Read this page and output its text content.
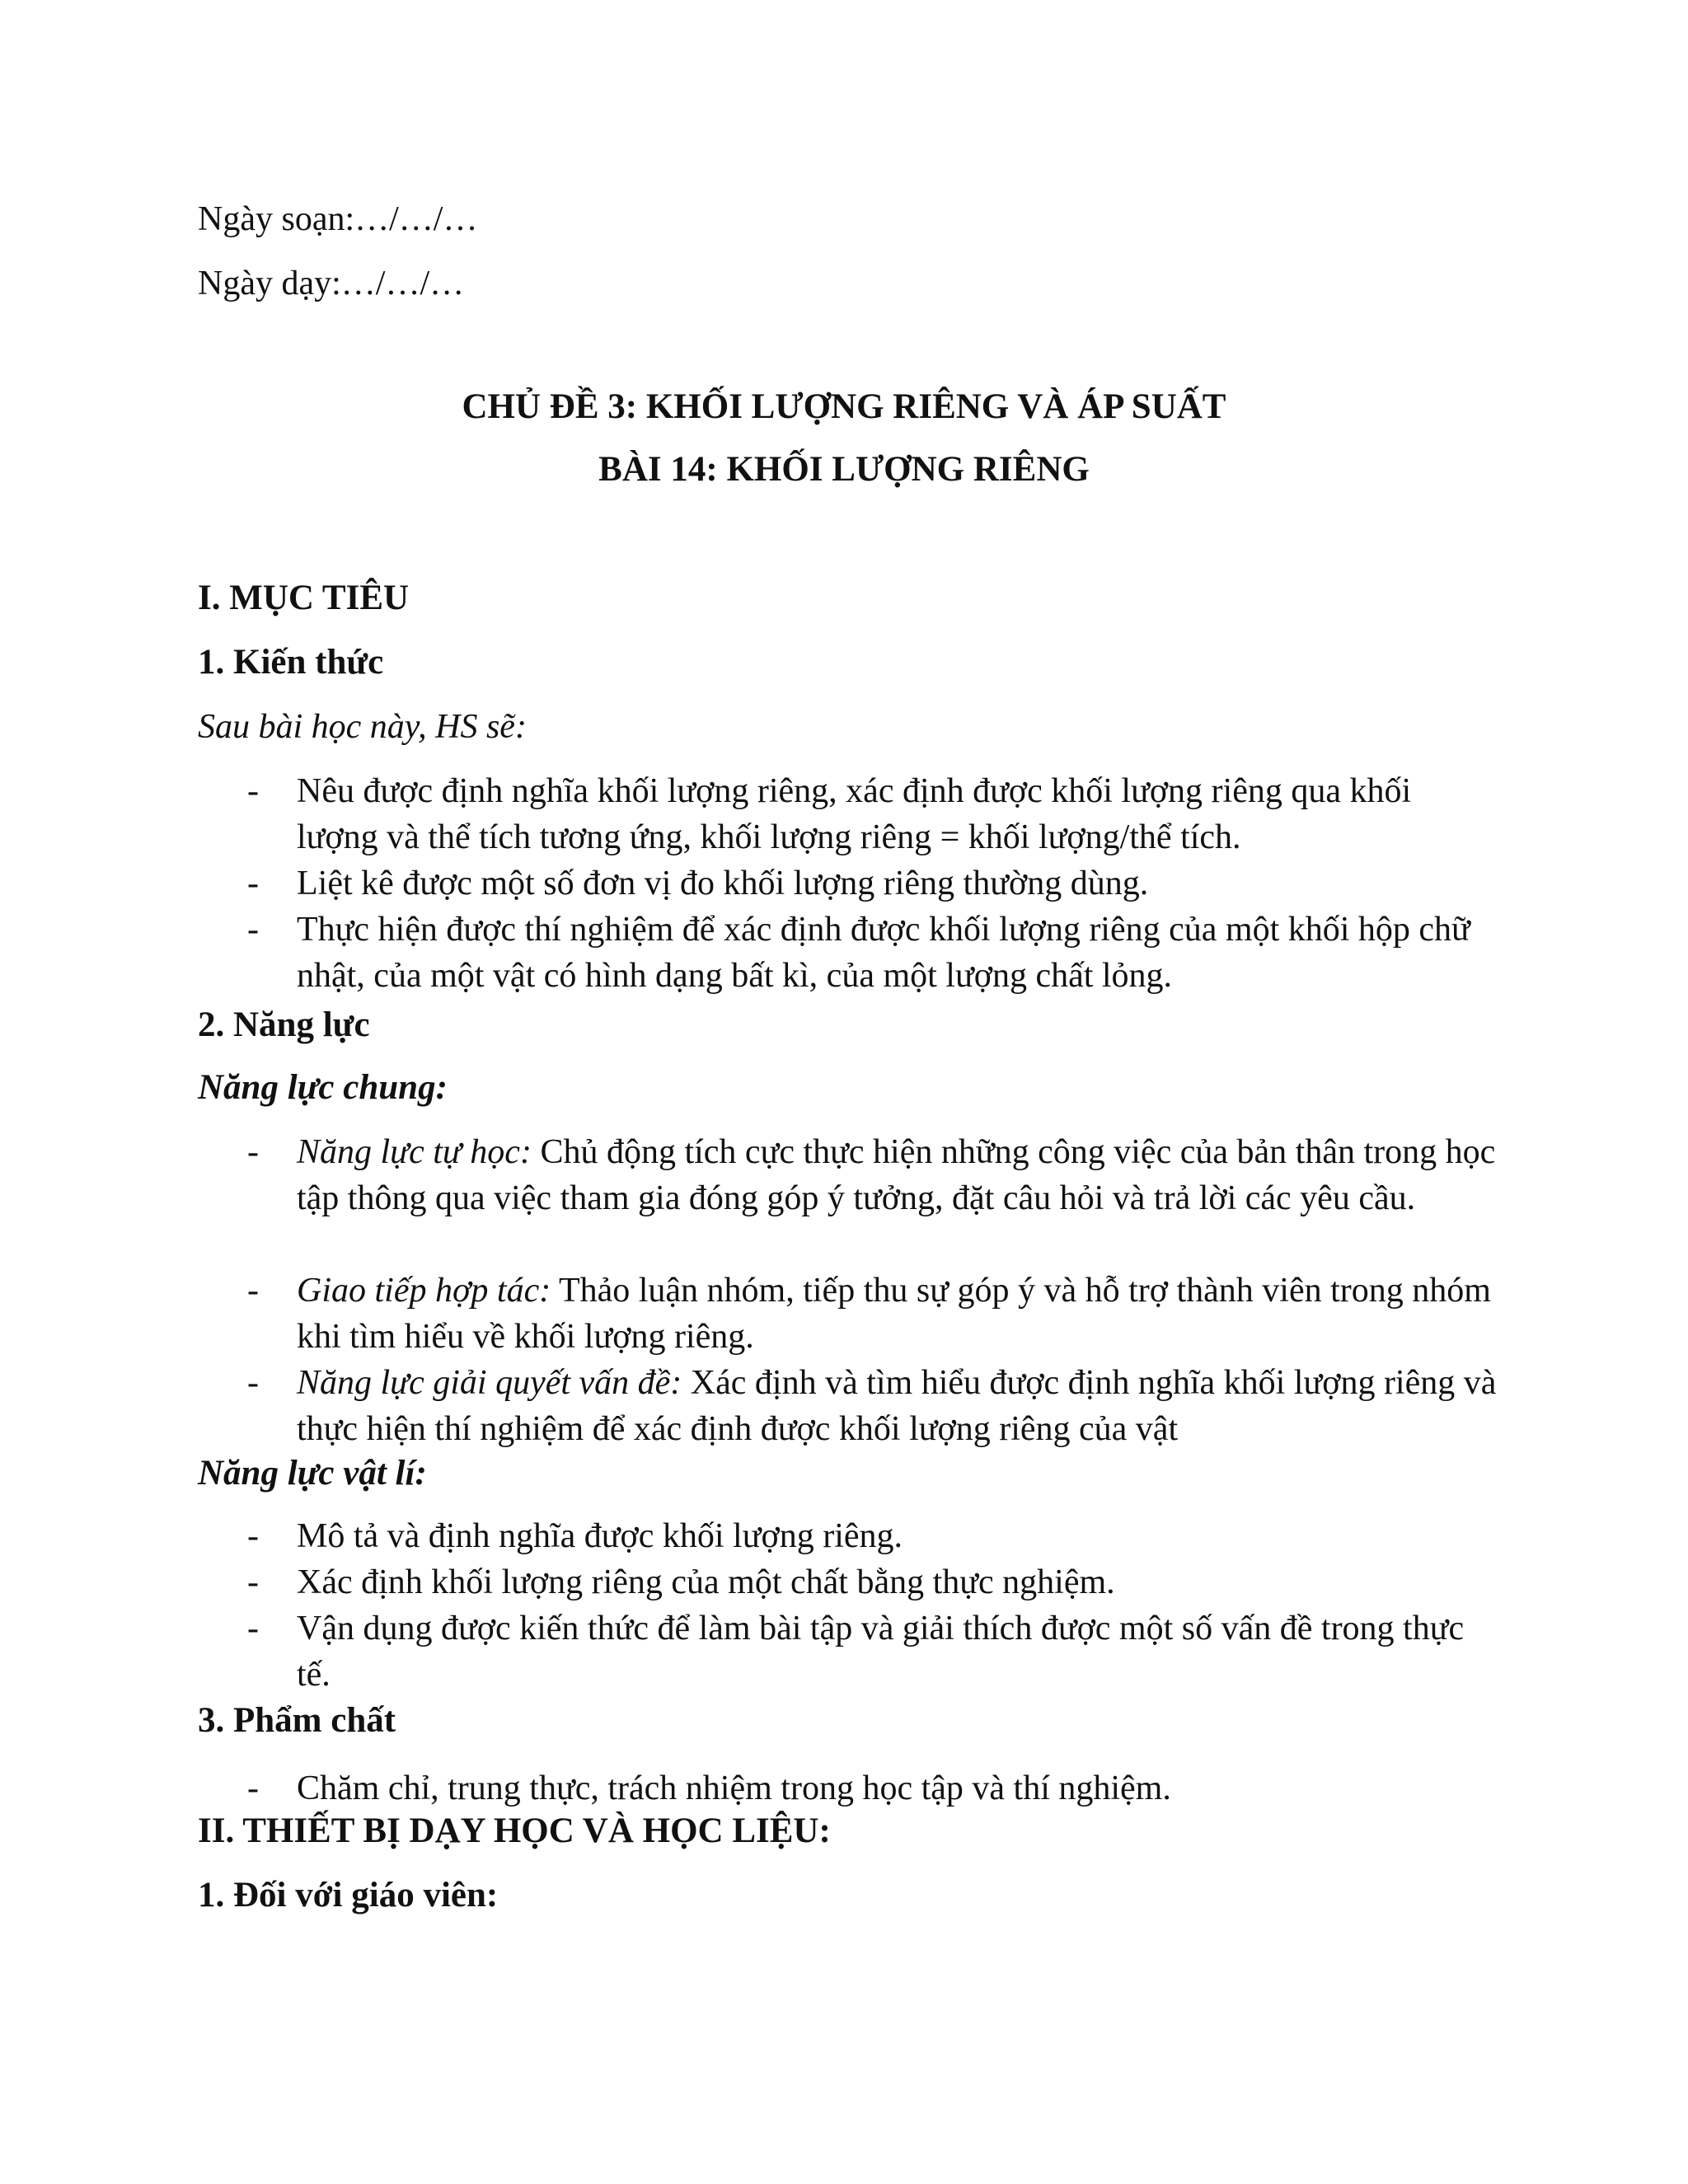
Ngày soạn:…/…/…

Ngày dạy:…/…/…

CHỦ ĐỀ 3: KHỐI LƯỢNG RIÊNG VÀ ÁP SUẤT

BÀI 14: KHỐI LƯỢNG RIÊNG

I. MỤC TIÊU

1. Kiến thức

Sau bài học này, HS sẽ:

- Nêu được định nghĩa khối lượng riêng, xác định được khối lượng riêng qua khối lượng và thể tích tương ứng, khối lượng riêng = khối lượng/thể tích.

- Liệt kê được một số đơn vị đo khối lượng riêng thường dùng.

- Thực hiện được thí nghiệm để xác định được khối lượng riêng của một khối hộp chữ nhật, của một vật có hình dạng bất kì, của một lượng chất lỏng.

2. Năng lực

Năng lực chung:

- Năng lực tự học: Chủ động tích cực thực hiện những công việc của bản thân trong học tập thông qua việc tham gia đóng góp ý tưởng, đặt câu hỏi và trả lời các yêu cầu.

- Giao tiếp hợp tác: Thảo luận nhóm, tiếp thu sự góp ý và hỗ trợ thành viên trong nhóm khi tìm hiểu về khối lượng riêng.

- Năng lực giải quyết vấn đề: Xác định và tìm hiểu được định nghĩa khối lượng riêng và thực hiện thí nghiệm để xác định được khối lượng riêng của vật

Năng lực vật lí:

- Mô tả và định nghĩa được khối lượng riêng.

- Xác định khối lượng riêng của một chất bằng thực nghiệm.

- Vận dụng được kiến thức để làm bài tập và giải thích được một số vấn đề trong thực tế.

3. Phẩm chất

- Chăm chỉ, trung thực, trách nhiệm trong học tập và thí nghiệm.

II. THIẾT BỊ DẠY HỌC VÀ HỌC LIỆU:

1. Đối với giáo viên:
